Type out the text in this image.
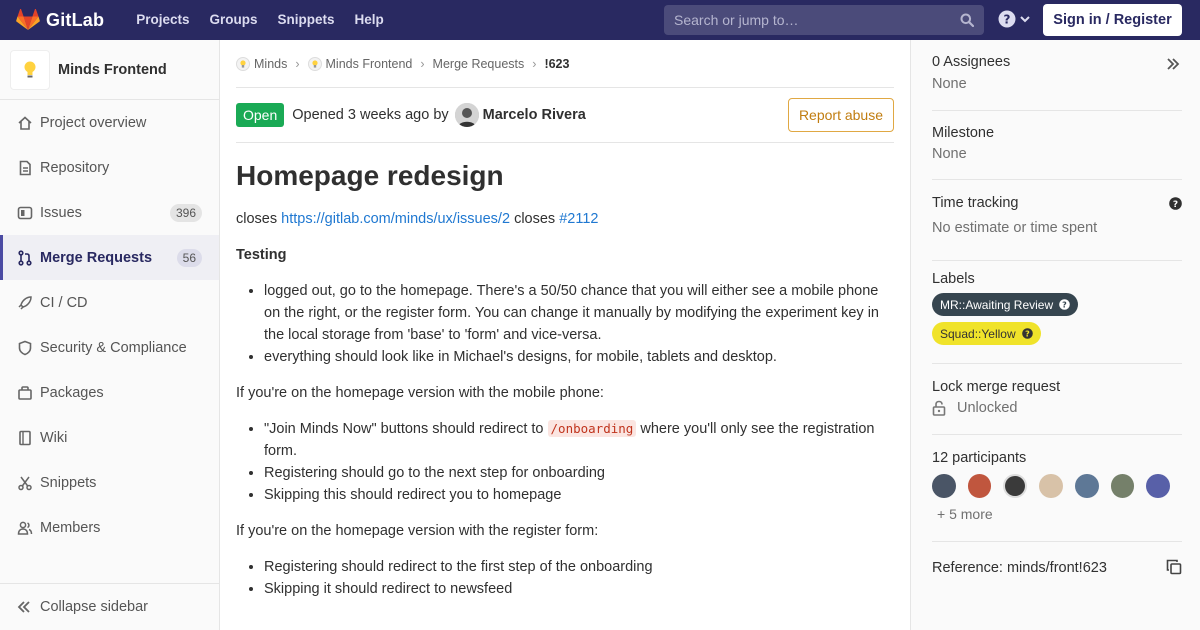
GitLab	Projects	Groups	Snippets	Help
Search or jump to…	?	Sign in / Register
Minds Frontend
Project overview
Repository
Issues	396
Merge Requests	56
CI / CD
Security & Compliance
Packages
Wiki
Snippets
Members
Collapse sidebar
Minds › Minds Frontend › Merge Requests › !623
Open	Opened 3 weeks ago by Marcelo Rivera	Report abuse
Homepage redesign
closes https://gitlab.com/minds/ux/issues/2 closes #2112
Testing
• logged out, go to the homepage. There's a 50/50 chance that you will either see a mobile phone on the right, or the register form. You can change it manually by modifying the experiment key in the local storage from 'base' to 'form' and vice-versa.
• everything should look like in Michael's designs, for mobile, tablets and desktop.
If you're on the homepage version with the mobile phone:
• "Join Minds Now" buttons should redirect to /onboarding where you'll only see the registration form.
• Registering should go to the next step for onboarding
• Skipping this should redirect you to homepage
If you're on the homepage version with the register form:
• Registering should redirect to the first step of the onboarding
• Skipping it should redirect to newsfeed
0 Assignees
None
Milestone
None
Time tracking
No estimate or time spent
?
Labels
MR::Awaiting Review ?
Squad::Yellow ?
Lock merge request
Unlocked
12 participants
+ 5 more
Reference: minds/front!623
